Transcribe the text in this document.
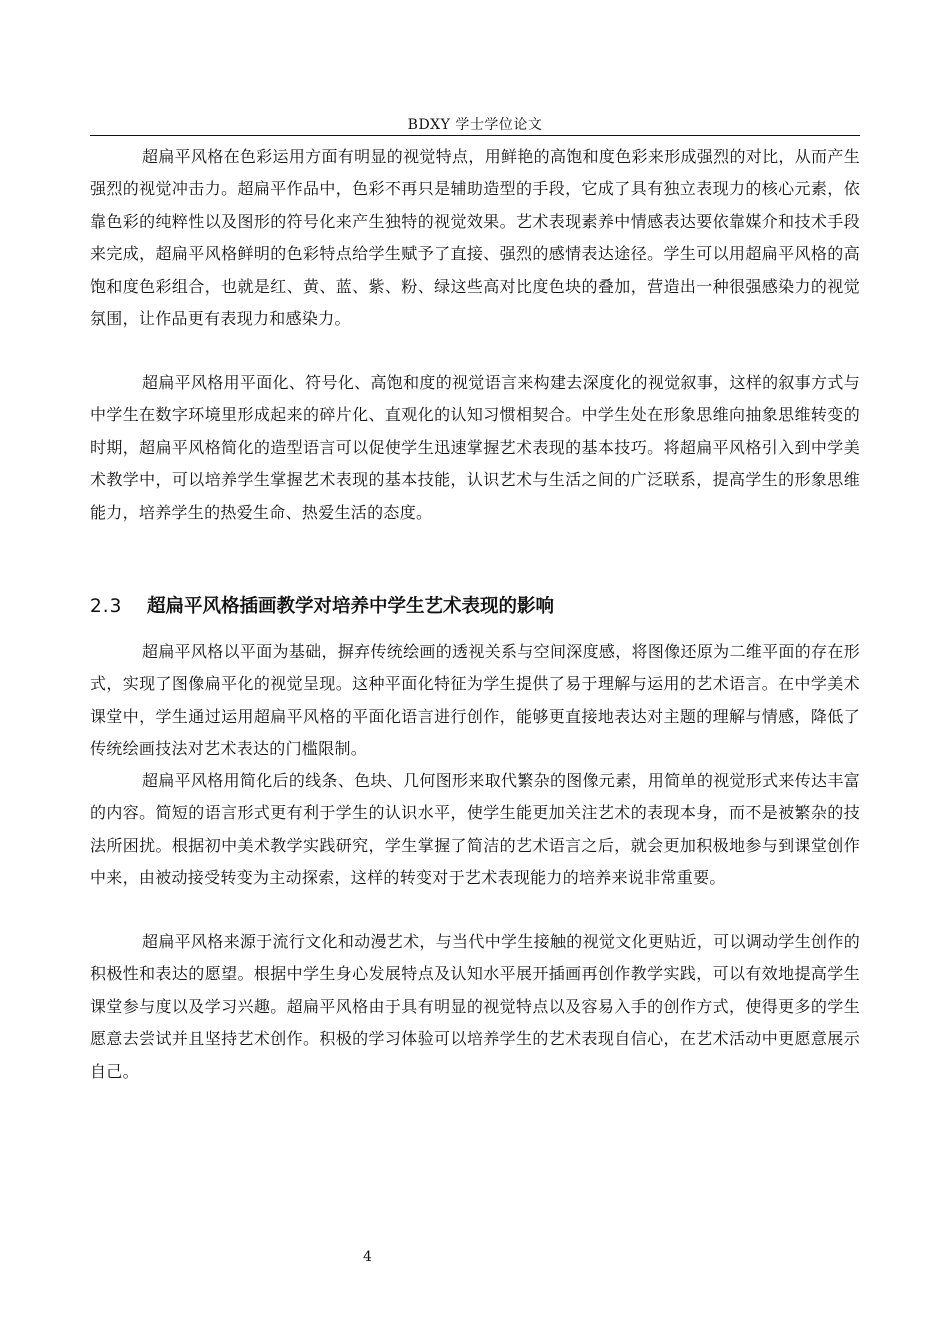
BDXY 学士学位论文

超扁平风格在色彩运用方面有明显的视觉特点，用鲜艳的高饱和度色彩来形成强烈的对比，从而产生强烈的视觉冲击力。超扁平作品中，色彩不再只是辅助造型的手段，它成了具有独立表现力的核心元素，依靠色彩的纯粹性以及图形的符号化来产生独特的视觉效果。艺术表现素养中情感表达要依靠媒介和技术手段来完成，超扁平风格鲜明的色彩特点给学生赋予了直接、强烈的感情表达途径。学生可以用超扁平风格的高饱和度色彩组合，也就是红、黄、蓝、紫、粉、绿这些高对比度色块的叠加，营造出一种很强感染力的视觉氛围，让作品更有表现力和感染力。

超扁平风格用平面化、符号化、高饱和度的视觉语言来构建去深度化的视觉叙事，这样的叙事方式与中学生在数字环境里形成起来的碎片化、直观化的认知习惯相契合。中学生处在形象思维向抽象思维转变的时期，超扁平风格简化的造型语言可以促使学生迅速掌握艺术表现的基本技巧。将超扁平风格引入到中学美术教学中，可以培养学生掌握艺术表现的基本技能，认识艺术与生活之间的广泛联系，提高学生的形象思维能力，培养学生的热爱生命、热爱生活的态度。

2.3 超扁平风格插画教学对培养中学生艺术表现的影响

超扁平风格以平面为基础，摒弃传统绘画的透视关系与空间深度感，将图像还原为二维平面的存在形式，实现了图像扁平化的视觉呈现。这种平面化特征为学生提供了易于理解与运用的艺术语言。在中学美术课堂中，学生通过运用超扁平风格的平面化语言进行创作，能够更直接地表达对主题的理解与情感，降低了传统绘画技法对艺术表达的门槛限制。

超扁平风格用简化后的线条、色块、几何图形来取代繁杂的图像元素，用简单的视觉形式来传达丰富的内容。简短的语言形式更有利于学生的认识水平，使学生能更加关注艺术的表现本身，而不是被繁杂的技法所困扰。根据初中美术教学实践研究，学生掌握了简洁的艺术语言之后，就会更加积极地参与到课堂创作中来，由被动接受转变为主动探索，这样的转变对于艺术表现能力的培养来说非常重要。

超扁平风格来源于流行文化和动漫艺术，与当代中学生接触的视觉文化更贴近，可以调动学生创作的积极性和表达的愿望。根据中学生身心发展特点及认知水平展开插画再创作教学实践，可以有效地提高学生课堂参与度以及学习兴趣。超扁平风格由于具有明显的视觉特点以及容易入手的创作方式，使得更多的学生愿意去尝试并且坚持艺术创作。积极的学习体验可以培养学生的艺术表现自信心，在艺术活动中更愿意展示自己。

4
